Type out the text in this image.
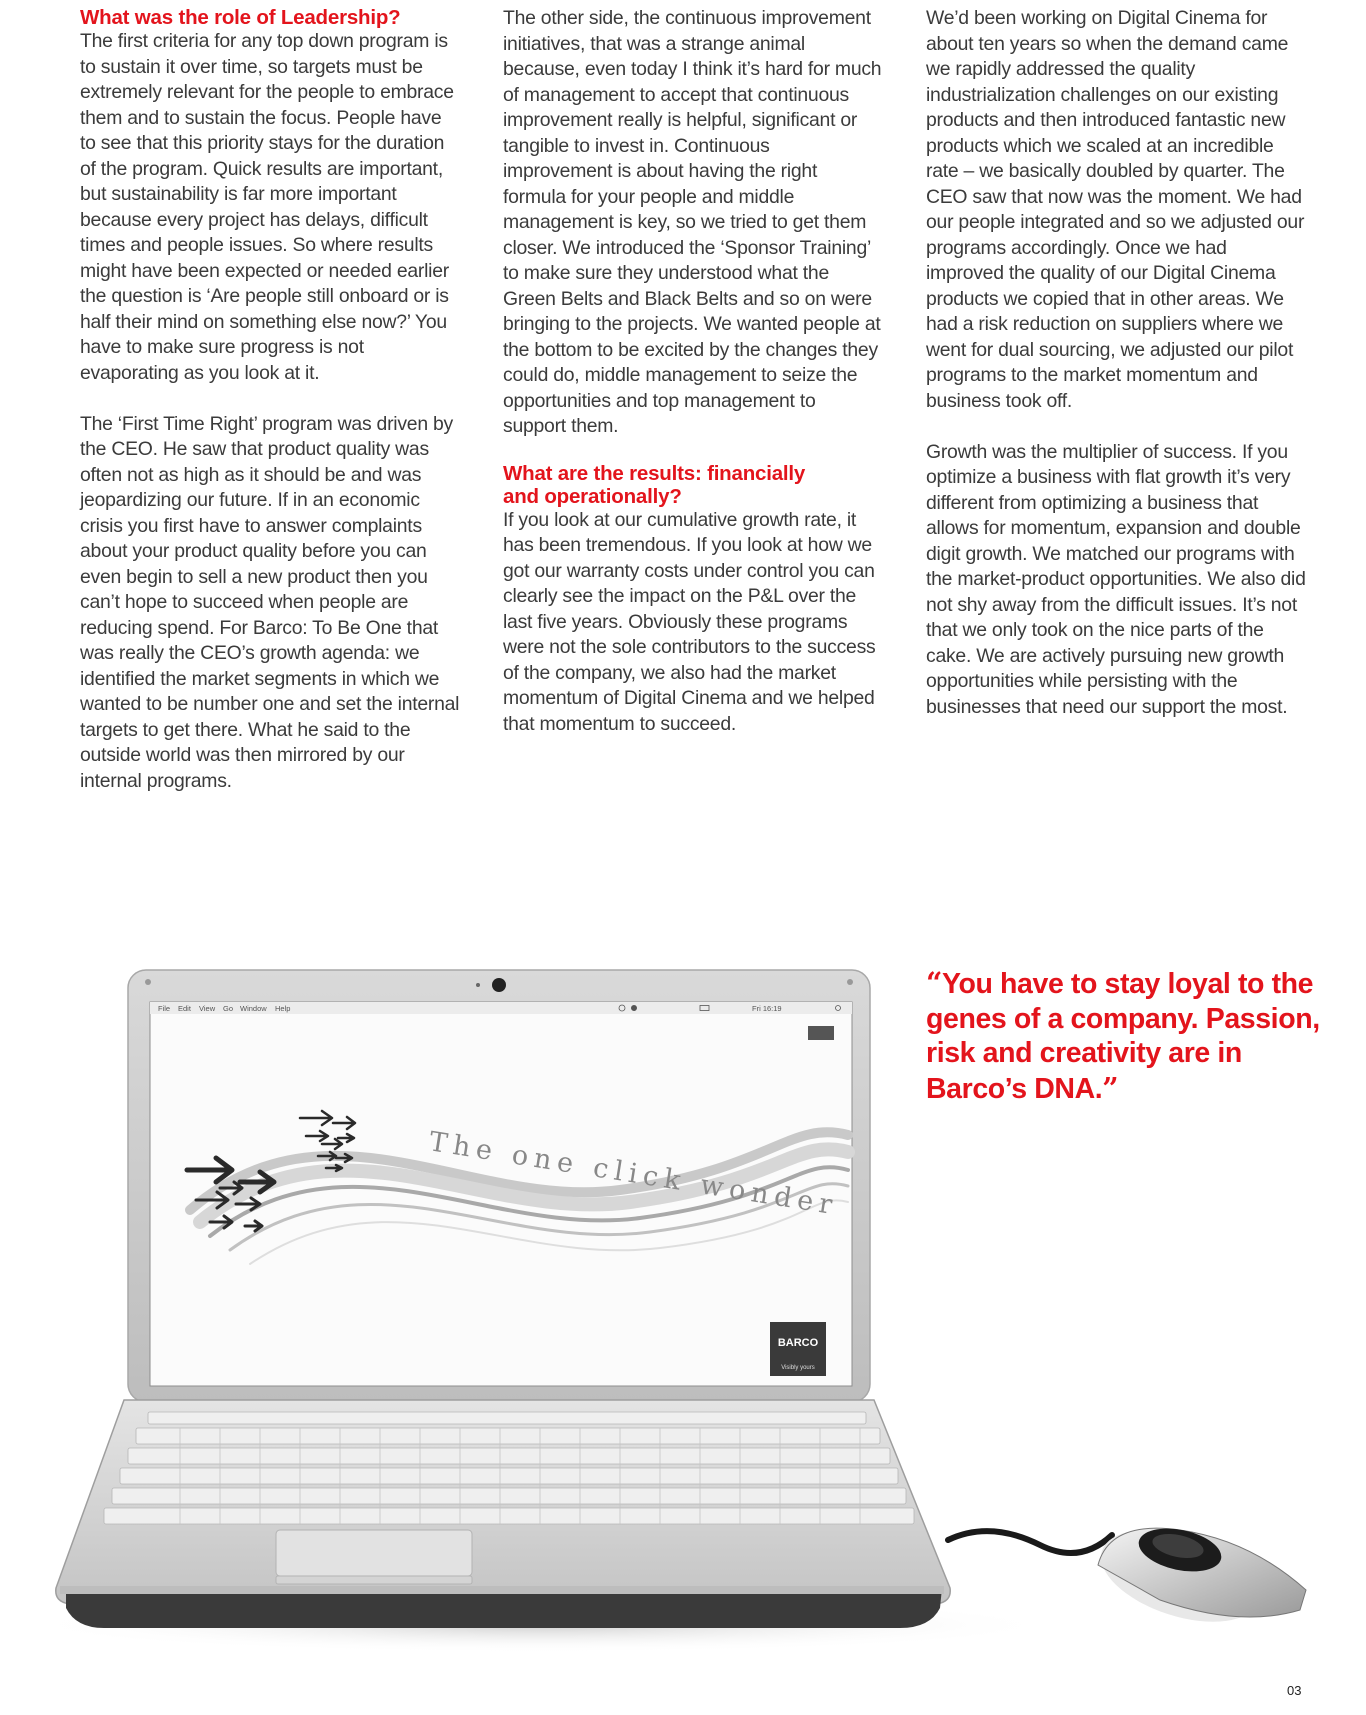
What was the role of Leadership?

The first criteria for any top down program is to sustain it over time, so targets must be extremely relevant for the people to embrace them and to sustain the focus. People have to see that this priority stays for the duration of the program. Quick results are important, but sustainability is far more important because every project has delays, difficult times and people issues. So where results might have been expected or needed earlier the question is ‘Are people still onboard or is half their mind on something else now?’ You have to make sure progress is not evaporating as you look at it.

The ‘First Time Right’ program was driven by the CEO. He saw that product quality was often not as high as it should be and was jeopardizing our future. If in an economic crisis you first have to answer complaints about your product quality before you can even begin to sell a new product then you can’t hope to succeed when people are reducing spend. For Barco: To Be One that was really the CEO’s growth agenda: we identified the market segments in which we wanted to be number one and set the internal targets to get there. What he said to the outside world was then mirrored by our internal programs.

The other side, the continuous improvement initiatives, that was a strange animal because, even today I think it’s hard for much of management to accept that continuous improvement really is helpful, significant or tangible to invest in. Continuous improvement is about having the right formula for your people and middle management is key, so we tried to get them closer. We introduced the ‘Sponsor Training’ to make sure they understood what the Green Belts and Black Belts and so on were bringing to the projects. We wanted people at the bottom to be excited by the changes they could do, middle management to seize the opportunities and top management to support them.

What are the results: financially and operationally?

If you look at our cumulative growth rate, it has been tremendous. If you look at how we got our warranty costs under control you can clearly see the impact on the P&L over the last five years. Obviously these programs were not the sole contributors to the success of the company, we also had the market momentum of Digital Cinema and we helped that momentum to succeed.

We’d been working on Digital Cinema for about ten years so when the demand came we rapidly addressed the quality industrialization challenges on our existing products and then introduced fantastic new products which we scaled at an incredible rate – we basically doubled by quarter. The CEO saw that now was the moment. We had our people integrated and so we adjusted our programs accordingly. Once we had improved the quality of our Digital Cinema products we copied that in other areas. We had a risk reduction on suppliers where we went for dual sourcing, we adjusted our pilot programs to the market momentum and business took off.

Growth was the multiplier of success. If you optimize a business with flat growth it’s very different from optimizing a business that allows for momentum, expansion and double digit growth. We matched our programs with the market-product opportunities. We also did not shy away from the difficult issues. It’s not that we only took on the nice parts of the cake. We are actively pursuing new growth opportunities while persisting with the businesses that need our support the most.

“You have to stay loyal to the genes of a company. Passion, risk and creativity are in Barco’s DNA.”
File Edit View Go Window Help	Fri 16:19
The one click wonder
BARCO
Visibly yours
03
